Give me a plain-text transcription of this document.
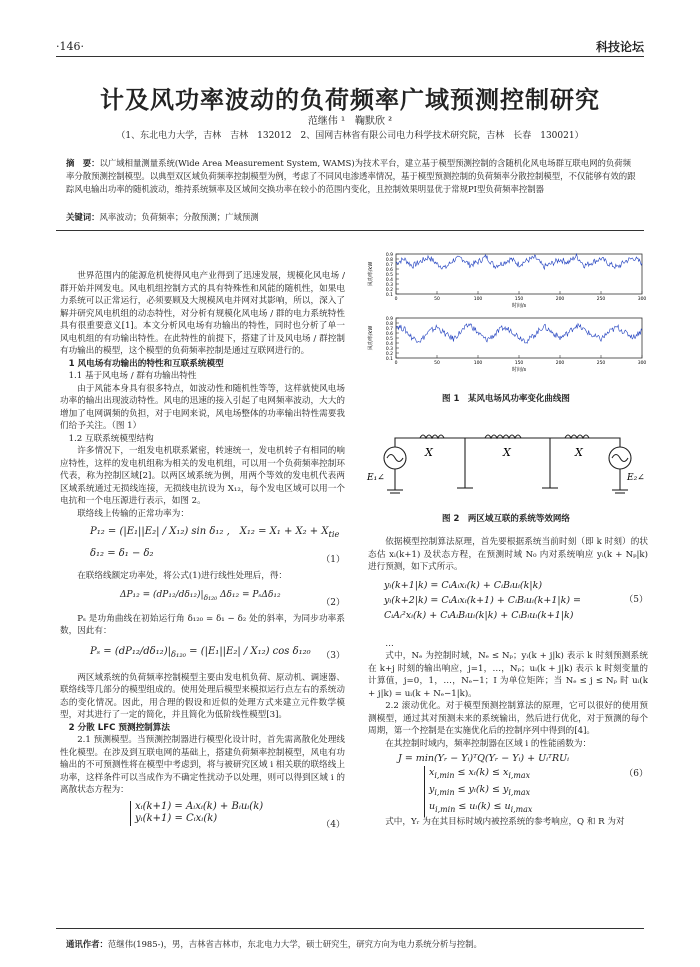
·146·	科技论坛
计及风功率波动的负荷频率广域预测控制研究
范继伟 ¹　鞠默欣 ²
（1、东北电力大学，吉林　吉林　132012　2、国网吉林省有限公司电力科学技术研究院，吉林　长春　130021）
摘　要：以广域相量测量系统(Wide Area Measurement System, WAMS)为技术平台，建立基于模型预测控制的含随机化风电场群互联电网的负荷频率分散预测控制模型。以典型双区域负荷频率控制模型为例，考虑了不同风电渗透率情况，基于模型预测控制的负荷频率分散控制模型，不仅能够有效的跟踪风电输出功率的随机波动，维持系统频率及区域间交换功率在较小的范围内变化，且控制效果明显优于常规PI型负荷频率控制器
关键词：风率波动；负荷频率；分散预测；广域预测

世界范围内的能源危机使得风电产业得到了迅速发展，规模化风电场 / 群开始并网发电。风电机组控制方式的具有特殊性和风能的随机性，如果电力系统可以正常运行，必须要顾及大规模风电并网对其影响，所以，深入了解并研究风电机组的动态特性，对分析有规模化风电场 / 群的电力系统特性具有很重要意义[1]。本文分析风电场有功输出的特性，同时也分析了单一风电机组的有功输出特性。在此特性的前提下，搭建了计及风电场 / 群控制有功输出的模型，这个模型的负荷频率控制是通过互联网进行的。

1 风电场有功输出的特性和互联系统模型

1.1 基于风电场 / 群有功输出特性

由于风能本身具有很多特点，如波动性和随机性等等，这样就使风电场功率的输出出现波动特性。风电的迅速的接入引起了电网频率波动，大大的增加了电网调频的负担，对于电网来说，风电场整体的功率输出特性需要我们给予关注。（图 1）

1.2 互联系统模型结构

许多情况下，一组发电机联系紧密，转速统一，发电机转子有相同的响应特性，这样的发电机组称为相关的发电机组，可以用一个负荷频率控制环代表，称为控制区域[2]。以两区域系统为例，用两个等效的发电机代表两区域系统通过无损线连接，无损线电抗设为 X₁₂，每个发电区域可以用一个电抗和一个电压源进行表示，如图 2。

联络线上传输的正常功率为：

P₁₂ = (|E₁||E₂| / X₁₂) sin δ₁₂ ,　$X_{12} = X_1 + X_2 + X_{tie}$
δ₁₂ = δ₁ − δ₂
（1）

在联络线额定功率处，将公式(1)进行线性处理后，得：

$\Delta P_{12} = (dP_{12}/d\delta_{12})|_{\delta_{120}}$ Δδ₁₂ = PₛΔδ₁₂
（2）

Pₛ 是功角曲线在初始运行角 δ₁₂₀ = δ₁ − δ₂ 处的斜率，为同步功率系数，因此有：

$P_s = (dP_{12}/d\delta_{12})|_{\delta_{120}} = (|E_1||E_2| / X_{12})$ cos δ₁₂₀ （3）

两区域系统的负荷频率控制模型主要由发电机负荷、原动机、调速器、联络线等几部分的模型组成的。使用处理后模型来模拟运行点左右的系统动态的变化情况。因此，用合理的假设和近似的处理方式来建立元件数学模型，对其进行了一定的简化，并且简化为低阶线性模型[3]。

2 分散 LFC 预测控制算法

2.1 预测模型。当预测控制器进行模型化设计时，首先需离散化处理线性化模型。在涉及到互联电网的基础上，搭建负荷频率控制模型，风电有功输出的不可预测性将在模型中考虑到，将与被研究区域 i 相关联的联络线上功率，这样条件可以当成作为不确定性扰动予以处理，则可以得到区域 i 的离散状态方程为：

xᵢ(k+1) = Aᵢxᵢ(k) + Bᵢuᵢ(k)
yᵢ(k+1) = Cᵢxᵢ(k)
（4）
0.9
0.8
0.7
0.6
0.5
0.4
0.3
0.2
0.1
0	50	100	150	200	250	300
时间/s
风功率/kW
0.9
0.8
0.7
0.6
0.5
0.4
0.3
0.2
0.1
0	50	100	150	200	250	300
时间/s
风功率/kW
图 1　某风电场风功率变化曲线图
X	X	X
E₁∠	E₂∠
图 2　两区域互联的系统等效网络

依据模型控制算法原理，首先要根据系统当前时刻（即 k 时刻）的状态估 xᵢ(k+1) 及状态方程，在预测时域 N₀ 内对系统响应 yᵢ(k + Nₚ|k) 进行预测，如下式所示。

yᵢ(k+1|k) = CᵢAᵢxᵢ(k) + CᵢBᵢuᵢ(k|k)
yᵢ(k+2|k) = CᵢAᵢxᵢ(k+1) + CᵢBᵢuᵢ(k+1|k) =
CᵢAᵢ²xᵢ(k) + CᵢAᵢBᵢuᵢ(k|k) + CᵢBᵢuᵢ(k+1|k)
（5）

…

式中，Nₑ 为控制时域，Nₑ ≤ Nₚ；yᵢ(k + j|k) 表示 k 时刻预测系统在 k+j 时刻的输出响应，j=1，…，Nₚ；uᵢ(k + j|k) 表示 k 时刻变量的计算值，j=0，1，…，Nₑ−1；I 为单位矩阵；当 Nₑ ≤ j ≤ Nₚ 时 uᵢ(k + j|k) = uᵢ(k + Nₑ−1|k)。

2.2 滚动优化。对于模型预测控制算法的原理，它可以很好的使用预测模型，通过其对预测未来的系统输出，然后进行优化，对于预测的每个周期，第一个控制是在实施优化后的控制序列中得到的[4]。

在其控制时域内，频率控制器在区域 i 的性能函数为：

J = min(Yᵣ − Yᵢ)ᵀQ(Yᵣ − Yᵢ) + UᵢᵀRUᵢ
$x_{i,min}$ ≤ xᵢ(k) ≤ $x_{i,max}$
$y_{i,min}$ ≤ yᵢ(k) ≤ $y_{i,max}$
$u_{i,min}$ ≤ uᵢ(k) ≤ $u_{i,max}$
（6）

式中，Yᵣ 为在其目标时域内被控系统的参考响应，Q 和 R 为对

通讯作者：范继伟(1985-)，男，吉林省吉林市，东北电力大学，硕士研究生，研究方向为电力系统分析与控制。
